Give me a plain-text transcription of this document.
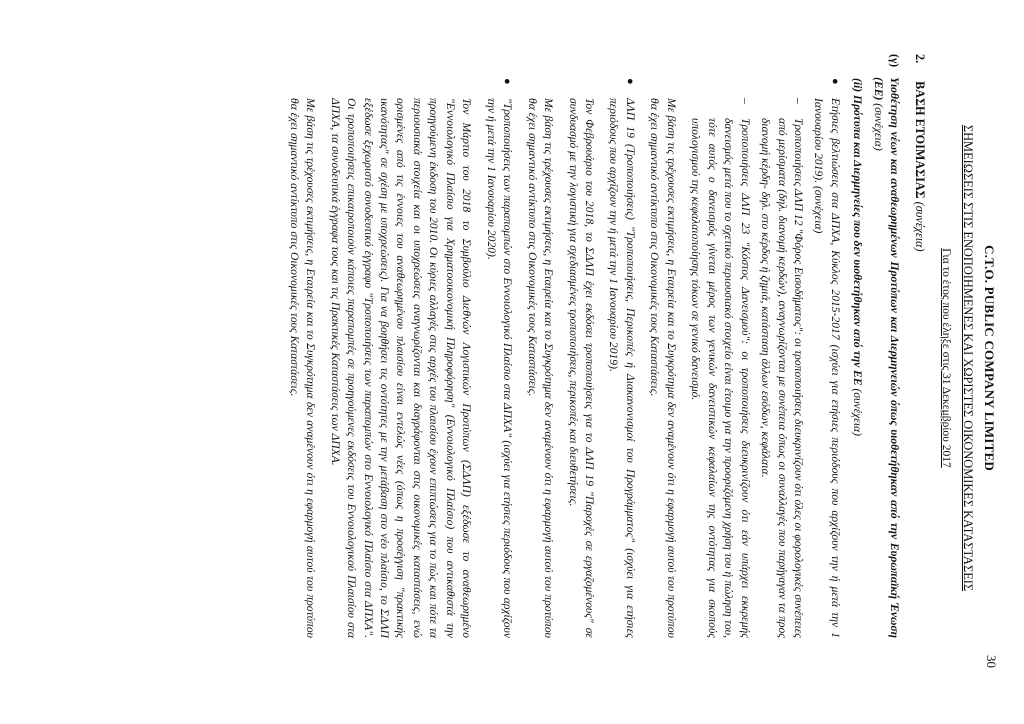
C.T.O. PUBLIC COMPANY LIMITED
30
ΣΗΜΕΙΩΣΕΙΣ ΣΤΙΣ ΕΝΟΠΟΙΗΜΕΝΕΣ ΚΑΙ ΧΩΡΙΣΤΕΣ ΟΙΚΟΝΟΜΙΚΕΣ ΚΑΤΑΣΤΑΣΕΙΣ
Για το έτος που έληξε στις 31 Δεκεμβρίου 2017
2.
ΒΑΣΗ ΕΤΟΙΜΑΣΙΑΣ (συνέχεια)
(γ)
Υιοθέτηση νέων και αναθεωρημένων Προτύπων και Διερμηνειών όπως υιοθετήθηκαν από την Ευρωπαϊκή Ένωση (ΕΕ) (συνέχεια)
(ii) Πρότυπα και Διερμηνείες που δεν υιοθετήθηκαν από την ΕΕ (συνέχεια)
●
Ετήσιες βελτιώσεις στα ΔΠΧΑ, Κύκλος 2015-2017 (ισχύει για ετήσιες περιόδους που αρχίζουν την ή μετά την 1 Ιανουαρίου 2019). (συνέχεια)
–
Τροποποιήσεις ΔΛΠ 12 "Φόρος Εισοδήματος": οι τροποποιήσεις διευκρινίζουν ότι όλες οι φορολογικές συνέπειες από μερίσματα (δηλ. διανομή κερδών), αναγνωρίζονται με συνέπεια όπως οι συναλλαγές που παρήγαγαν τα προς διανομή κέρδη- δηλ. στο κέρδος ή ζημιά, κατάσταση άλλων εσόδων, κεφάλαια.
–
Τροποποιήσεις ΔΛΠ 23 "Κόστος Δανεισμού": οι τροποποιήσεις διευκρινίζουν ότι εάν υπάρχει εκκρεμής δανεισμός μετά που το σχετικό περιουσιακό στοιχείο είναι έτοιμο για την προοριζόμενη χρήση του ή πώληση του, τότε αυτός ο δανεισμός γίνεται μέρος των γενικών δανειστικών κεφαλαίων της οντότητας για σκοπούς υπολογισμού της κεφαλαιοποίησης τόκων σε γενικό δανεισμό.
Με βάση τις τρέχουσες εκτιμήσεις, η Εταιρεία και το Συγκρότημα δεν αναμένουν ότι η εφαρμογή αυτού του προτύπου θα έχει σημαντικό αντίκτυπο στις Οικονομικές τους Καταστάσεις.
●
ΔΛΠ 19 (Τροποποιήσεις) "Τροποποιήσεις, Περικοπές ή Διακανονισμοί του Προγράμματος" (ισχύει για ετήσιες περιόδους που αρχίζουν την ή μετά την 1 Ιανουαρίου 2019).
Τον Φεβρουάριο του 2018, το ΣΔΛΠ έχει εκδόσει τροποποιήσεις για το ΔΛΠ 19 "Παροχές σε εργαζομένους" σε συνδυασμό με την λογιστική για σχεδιασμένες τροποποιήσεις, περικοπές και διευθετήσεις.
Με βάση τις τρέχουσες εκτιμήσεις, η Εταιρεία και το Συγκρότημα δεν αναμένουν ότι η εφαρμογή αυτού του προτύπου θα έχει σημαντικό αντίκτυπο στις Οικονομικές τους Καταστάσεις.
●
"Τροποποιήσεις των παραπομπών στο Εννοιολογικό Πλαίσιο στα ΔΠΧΑ" (ισχύει για ετήσιες περιόδους που αρχίζουν την ή μετά την 1 Ιανουαρίου 2020).
Τον Μάρτιο του 2018 το Συμβούλιο Διεθνών Λογιστικών Προτύπων (ΣΔΛΠ) εξέδωσε το αναθεωρημένο "Εννοιολογικό Πλαίσιο για Χρηματοοικονομική Πληροφόρηση" (Εννοιολογικό Πλαίσιο) που αντικαθιστά την προηγούμενη έκδοση του 2010. Οι κύριες αλλαγές στις αρχές του πλαισίου έχουν επιπτώσεις για το πώς και πότε τα περιουσιακά στοιχεία και οι υποχρεώσεις αναγνωρίζονται και διαγράφονται στις οικονομικές καταστάσεις, ενώ ορισμένες από τις έννοιες του αναθεωρημένου πλαισίου είναι εντελώς νέες (όπως η προσέγγιση "πρακτικής ικανότητας" σε σχέση με υποχρεώσεις). Για να βοηθήσει τις οντότητες με την μετάβαση στο νέο πλαίσιο, το ΣΔΛΠ εξέδωσε ξεχωριστό συνοδευτικό έγγραφο "Τροποποιήσεις των παραπομπών στο Εννοιολογικό Πλαίσιο στα ΔΠΧΑ". Οι τροποποιήσεις επικαιροποιούν κάποιες παραπομπές σε προηγούμενες εκδόσεις του Εννοιολογικού Πλαισίου στα ΔΠΧΑ, τα συνοδευτικά έγγραφα τους και τις Πρακτικές Καταστάσεις των ΔΠΧΑ.
Με βάση τις τρέχουσες εκτιμήσεις, η Εταιρεία και το Συγκρότημα δεν αναμένουν ότι η εφαρμογή αυτού του προτύπου θα έχει σημαντικό αντίκτυπο στις Οικονομικές τους Καταστάσεις.
